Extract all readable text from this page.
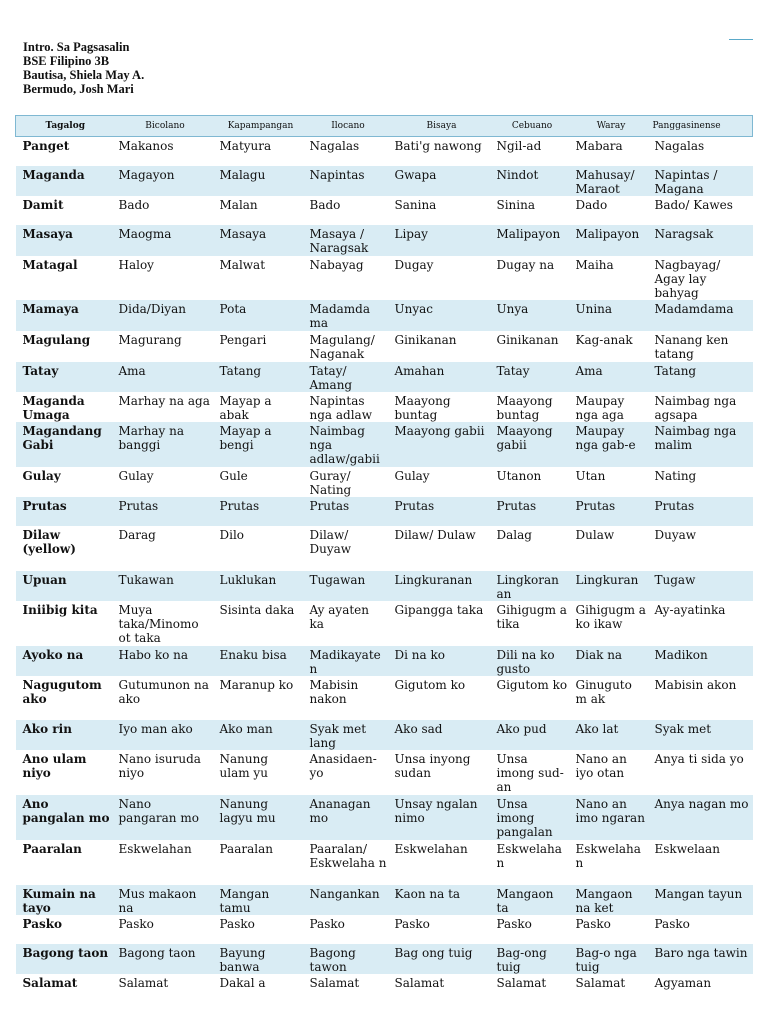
Intro. Sa Pagsasalin
BSE Filipino 3B
Bautisa, Shiela May A.
Bermudo, Josh Mari
Tagalog	Bicolano	Kapampangan	Ilocano	Bisaya	Cebuano	Waray	Panggasinense
Panget	Makanos	Matyura	Nagalas	Bati'g nawong	Ngil-ad	Mabara	Nagalas
Maganda	Magayon	Malagu	Napintas	Gwapa	Nindot	Mahusay/ Maraot	Napintas / Magana
Damit	Bado	Malan	Bado	Sanina	Sinina	Dado	Bado/ Kawes
Masaya	Maogma	Masaya	Masaya / Naragsak	Lipay	Malipayon	Malipayon	Naragsak
Matagal	Haloy	Malwat	Nabayag	Dugay	Dugay na	Maiha	Nagbayag/ Agay lay bahyag
Mamaya	Dida/Diyan	Pota	Madamda ma	Unyac	Unya	Unina	Madamdama
Magulang	Magurang	Pengari	Magulang/ Naganak	Ginikanan	Ginikanan	Kag-anak	Nanang ken tatang
Tatay	Ama	Tatang	Tatay/ Amang	Amahan	Tatay	Ama	Tatang
Maganda Umaga	Marhay na aga	Mayap a abak	Napintas nga adlaw	Maayong buntag	Maayong buntag	Maupay nga aga	Naimbag nga agsapa
Magandang Gabi	Marhay na banggi	Mayap a bengi	Naimbag nga adlaw/gabii	Maayong gabii	Maayong gabii	Maupay nga gab-e	Naimbag nga malim
Gulay	Gulay	Gule	Guray/ Nating	Gulay	Utanon	Utan	Nating
Prutas	Prutas	Prutas	Prutas	Prutas	Prutas	Prutas	Prutas
Dilaw (yellow)	Darag	Dilo	Dilaw/ Duyaw	Dilaw/ Dulaw	Dalag	Dulaw	Duyaw
Upuan	Tukawan	Luklukan	Tugawan	Lingkuranan	Lingkoran an	Lingkuran	Tugaw
Iniibig kita	Muya taka/Minomo ot taka	Sisinta daka	Ay ayaten ka	Gipangga taka	Gihigugm a tika	Gihigugm a ko ikaw	Ay-ayatinka
Ayoko na	Habo ko na	Enaku bisa	Madikayate n	Di na ko	Dili na ko gusto	Diak na	Madikon
Nagugutom ako	Gutumunon na ako	Maranup ko	Mabisin nakon	Gigutom ko	Gigutom ko	Ginuguto m ak	Mabisin akon
Ako rin	Iyo man ako	Ako man	Syak met lang	Ako sad	Ako pud	Ako lat	Syak met
Ano ulam niyo	Nano isuruda niyo	Nanung ulam yu	Anasidaen-yo	Unsa inyong sudan	Unsa imong sud-an	Nano an iyo otan	Anya ti sida yo
Ano pangalan mo	Nano pangaran mo	Nanung lagyu mu	Ananagan mo	Unsay ngalan nimo	Unsa imong pangalan	Nano an imo ngaran	Anya nagan mo
Paaralan	Eskwelahan	Paaralan	Paaralan/ Eskwelaha n	Eskwelahan	Eskwelaha n	Eskwelaha n	Eskwelaan
Kumain na tayo	Mus makaon na	Mangan tamu	Nangankan	Kaon na ta	Mangaon ta	Mangaon na ket	Mangan tayun
Pasko	Pasko	Pasko	Pasko	Pasko	Pasko	Pasko	Pasko
Bagong taon	Bagong taon	Bayung banwa	Bagong tawon	Bag ong tuig	Bag-ong tuig	Bag-o nga tuig	Baro nga tawin
Salamat	Salamat	Dakal a	Salamat	Salamat	Salamat	Salamat	Agyaman
